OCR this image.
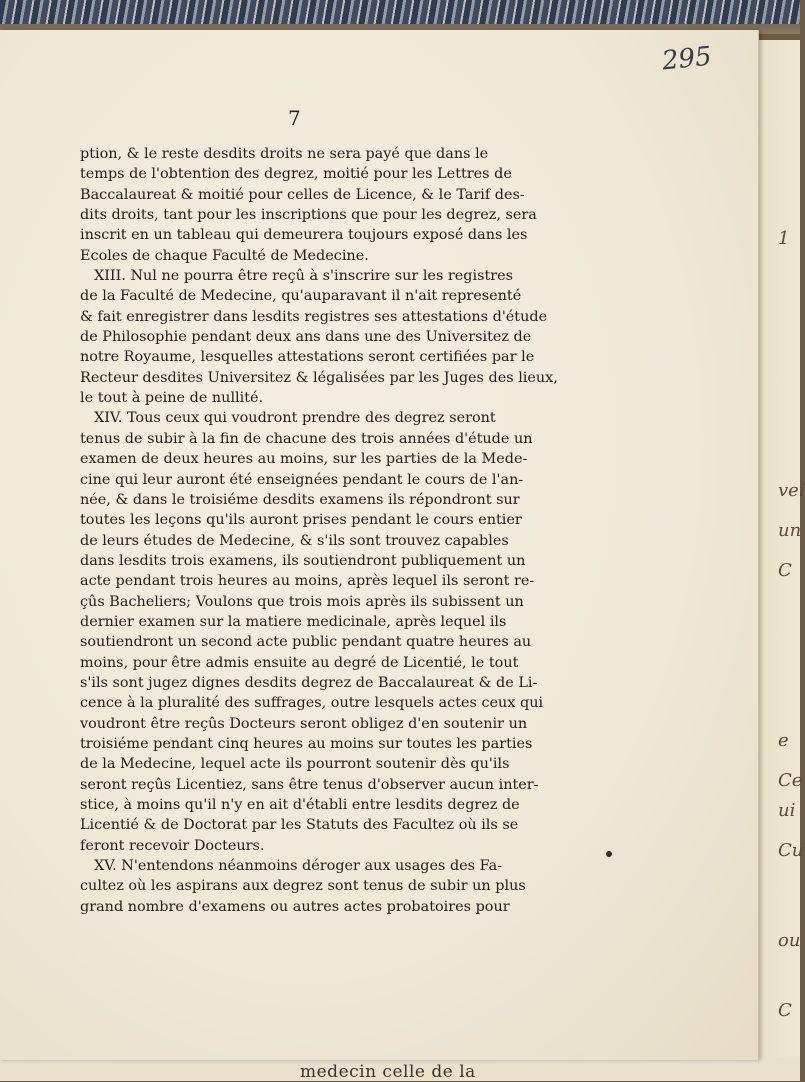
1
vei
un
C
e
Ce
ui
Cu
ou
C
medecin celle de la
295
7
ption, & le reste desdits droits ne sera payé que dans le
temps de l'obtention des degrez, moitié pour les Lettres de
Baccalaureat & moitié pour celles de Licence, & le Tarif des-
dits droits, tant pour les inscriptions que pour les degrez, sera
inscrit en un tableau qui demeurera toujours exposé dans les
Ecoles de chaque Faculté de Medecine.
XIII. Nul ne pourra être reçû à s'inscrire sur les registres
de la Faculté de Medecine, qu'auparavant il n'ait representé
& fait enregistrer dans lesdits registres ses attestations d'étude
de Philosophie pendant deux ans dans une des Universitez de
notre Royaume, lesquelles attestations seront certifiées par le
Recteur desdites Universitez & légalisées par les Juges des lieux,
le tout à peine de nullité.
XIV. Tous ceux qui voudront prendre des degrez seront
tenus de subir à la fin de chacune des trois années d'étude un
examen de deux heures au moins, sur les parties de la Mede-
cine qui leur auront été enseignées pendant le cours de l'an-
née, & dans le troisiéme desdits examens ils répondront sur
toutes les leçons qu'ils auront prises pendant le cours entier
de leurs études de Medecine, & s'ils sont trouvez capables
dans lesdits trois examens, ils soutiendront publiquement un
acte pendant trois heures au moins, après lequel ils seront re-
çûs Bacheliers; Voulons que trois mois après ils subissent un
dernier examen sur la matiere medicinale, après lequel ils
soutiendront un second acte public pendant quatre heures au
moins, pour être admis ensuite au degré de Licentié, le tout
s'ils sont jugez dignes desdits degrez de Baccalaureat & de Li-
cence à la pluralité des suffrages, outre lesquels actes ceux qui
voudront être reçûs Docteurs seront obligez d'en soutenir un
troisiéme pendant cinq heures au moins sur toutes les parties
de la Medecine, lequel acte ils pourront soutenir dès qu'ils
seront reçûs Licentiez, sans être tenus d'observer aucun inter-
stice, à moins qu'il n'y en ait d'établi entre lesdits degrez de
Licentié & de Doctorat par les Statuts des Facultez où ils se
feront recevoir Docteurs.
XV. N'entendons néanmoins déroger aux usages des Fa-
cultez où les aspirans aux degrez sont tenus de subir un plus
grand nombre d'examens ou autres actes probatoires pour
